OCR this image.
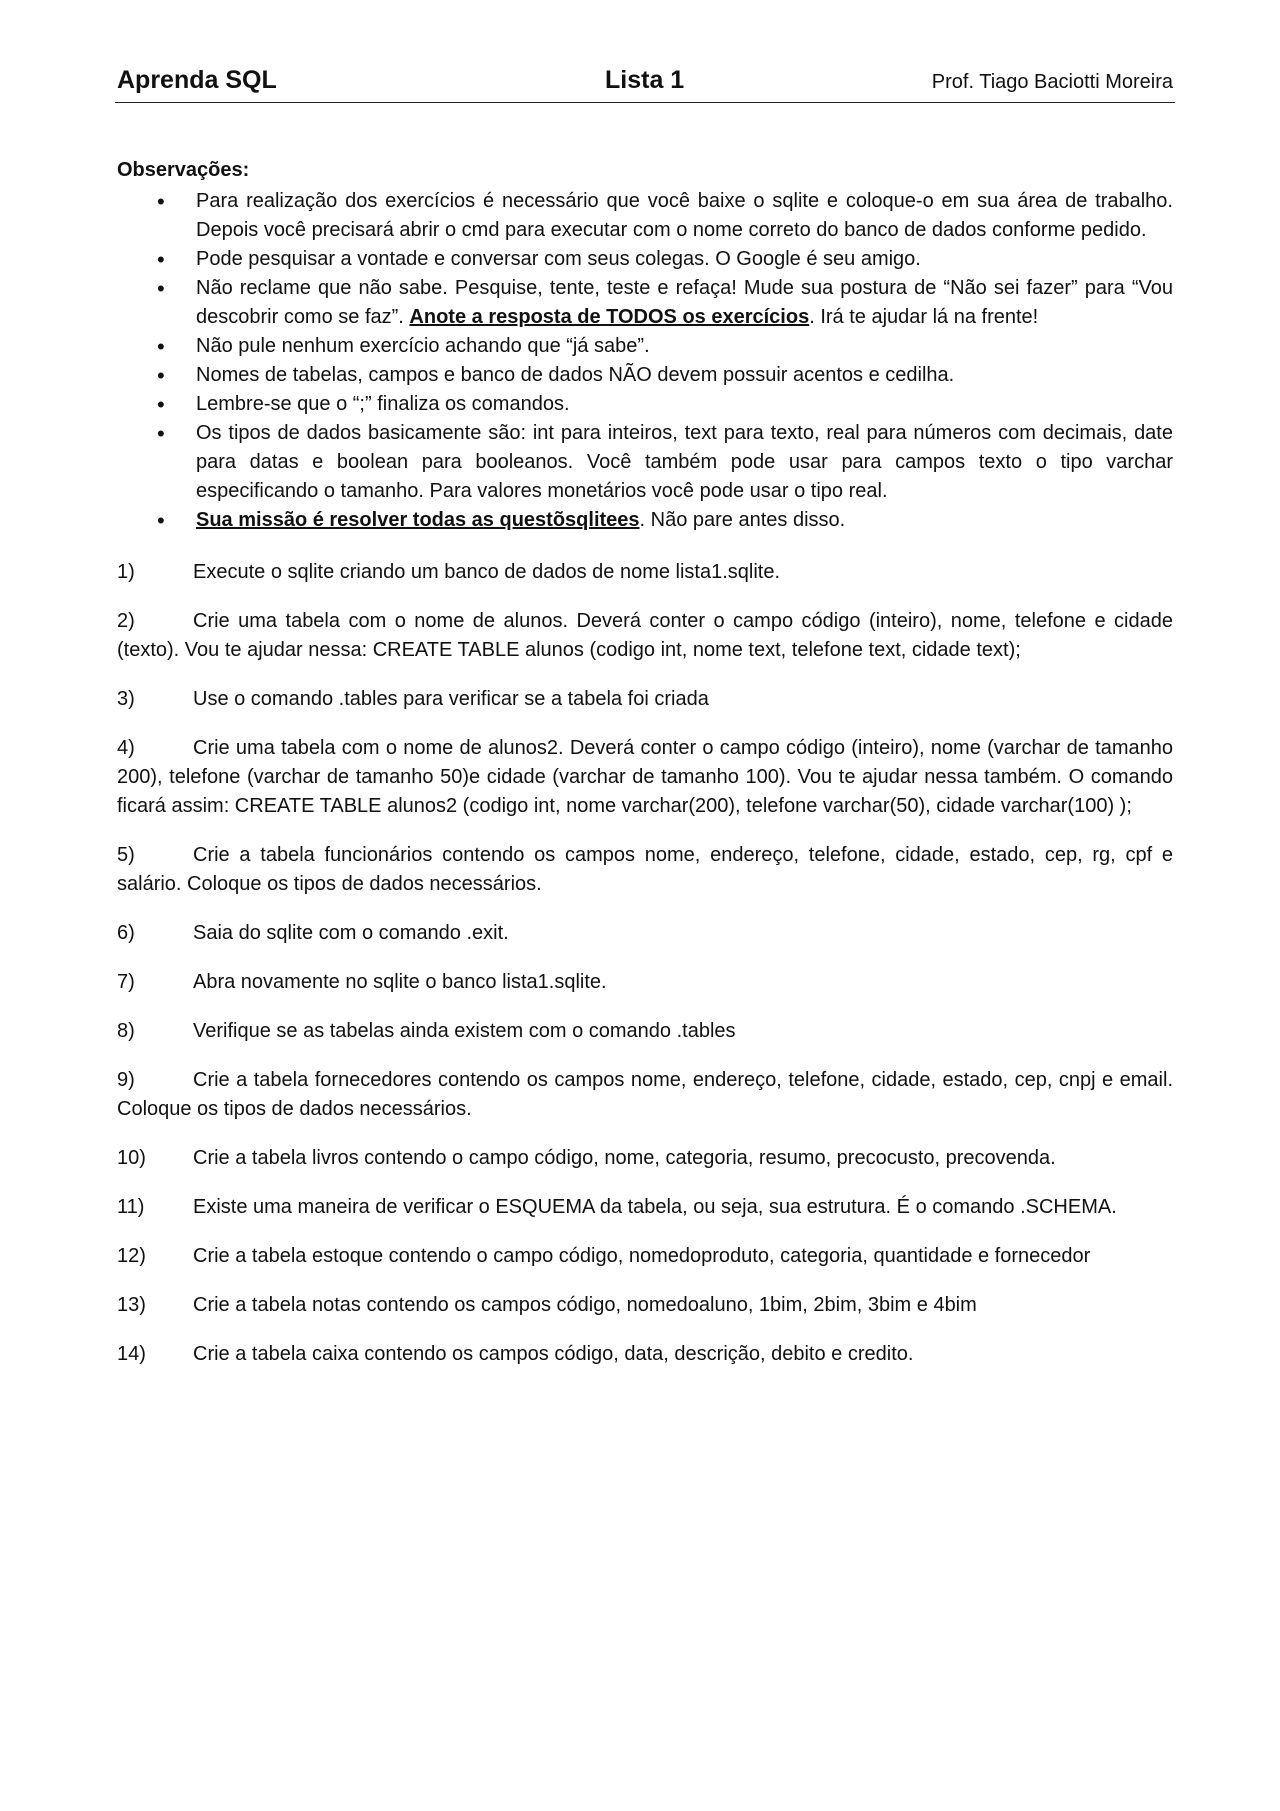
Aprenda SQL	Lista 1	Prof. Tiago Baciotti Moreira
Observações:
• Para realização dos exercícios é necessário que você baixe o sqlite e coloque-o em sua área de trabalho. Depois você precisará abrir o cmd para executar com o nome correto do banco de dados conforme pedido.
• Pode pesquisar a vontade e conversar com seus colegas. O Google é seu amigo.
• Não reclame que não sabe. Pesquise, tente, teste e refaça! Mude sua postura de “Não sei fazer” para “Vou descobrir como se faz”. Anote a resposta de TODOS os exercícios. Irá te ajudar lá na frente!
• Não pule nenhum exercício achando que “já sabe”.
• Nomes de tabelas, campos e banco de dados NÃO devem possuir acentos e cedilha.
• Lembre-se que o “;” finaliza os comandos.
• Os tipos de dados basicamente são: int para inteiros, text para texto, real para números com decimais, date para datas e boolean para booleanos. Você também pode usar para campos texto o tipo varchar especificando o tamanho. Para valores monetários você pode usar o tipo real.
• Sua missão é resolver todas as questõsqlitees. Não pare antes disso.
1)	Execute o sqlite criando um banco de dados de nome lista1.sqlite.
2)	Crie uma tabela com o nome de alunos. Deverá conter o campo código (inteiro), nome, telefone e cidade (texto). Vou te ajudar nessa: CREATE TABLE alunos (codigo int, nome text, telefone text, cidade text);
3)	Use o comando .tables para verificar se a tabela foi criada
4)	Crie uma tabela com o nome de alunos2. Deverá conter o campo código (inteiro), nome (varchar de tamanho 200), telefone (varchar de tamanho 50)e cidade (varchar de tamanho 100). Vou te ajudar nessa também. O comando ficará assim: CREATE TABLE alunos2 (codigo int, nome varchar(200), telefone varchar(50), cidade varchar(100) );
5)	Crie a tabela funcionários contendo os campos nome, endereço, telefone, cidade, estado, cep, rg, cpf e salário. Coloque os tipos de dados necessários.
6)	Saia do sqlite com o comando .exit.
7)	Abra novamente no sqlite o banco lista1.sqlite.
8)	Verifique se as tabelas ainda existem com o comando .tables
9)	Crie a tabela fornecedores contendo os campos nome, endereço, telefone, cidade, estado, cep, cnpj e email. Coloque os tipos de dados necessários.
10) Crie a tabela livros contendo o campo código, nome, categoria, resumo, precocusto, precovenda.
11) Existe uma maneira de verificar o ESQUEMA da tabela, ou seja, sua estrutura. É o comando .SCHEMA.
12) Crie a tabela estoque contendo o campo código, nomedoproduto, categoria, quantidade e fornecedor
13) Crie a tabela notas contendo os campos código, nomedoaluno, 1bim, 2bim, 3bim e 4bim
14) Crie a tabela caixa contendo os campos código, data, descrição, debito e credito.
